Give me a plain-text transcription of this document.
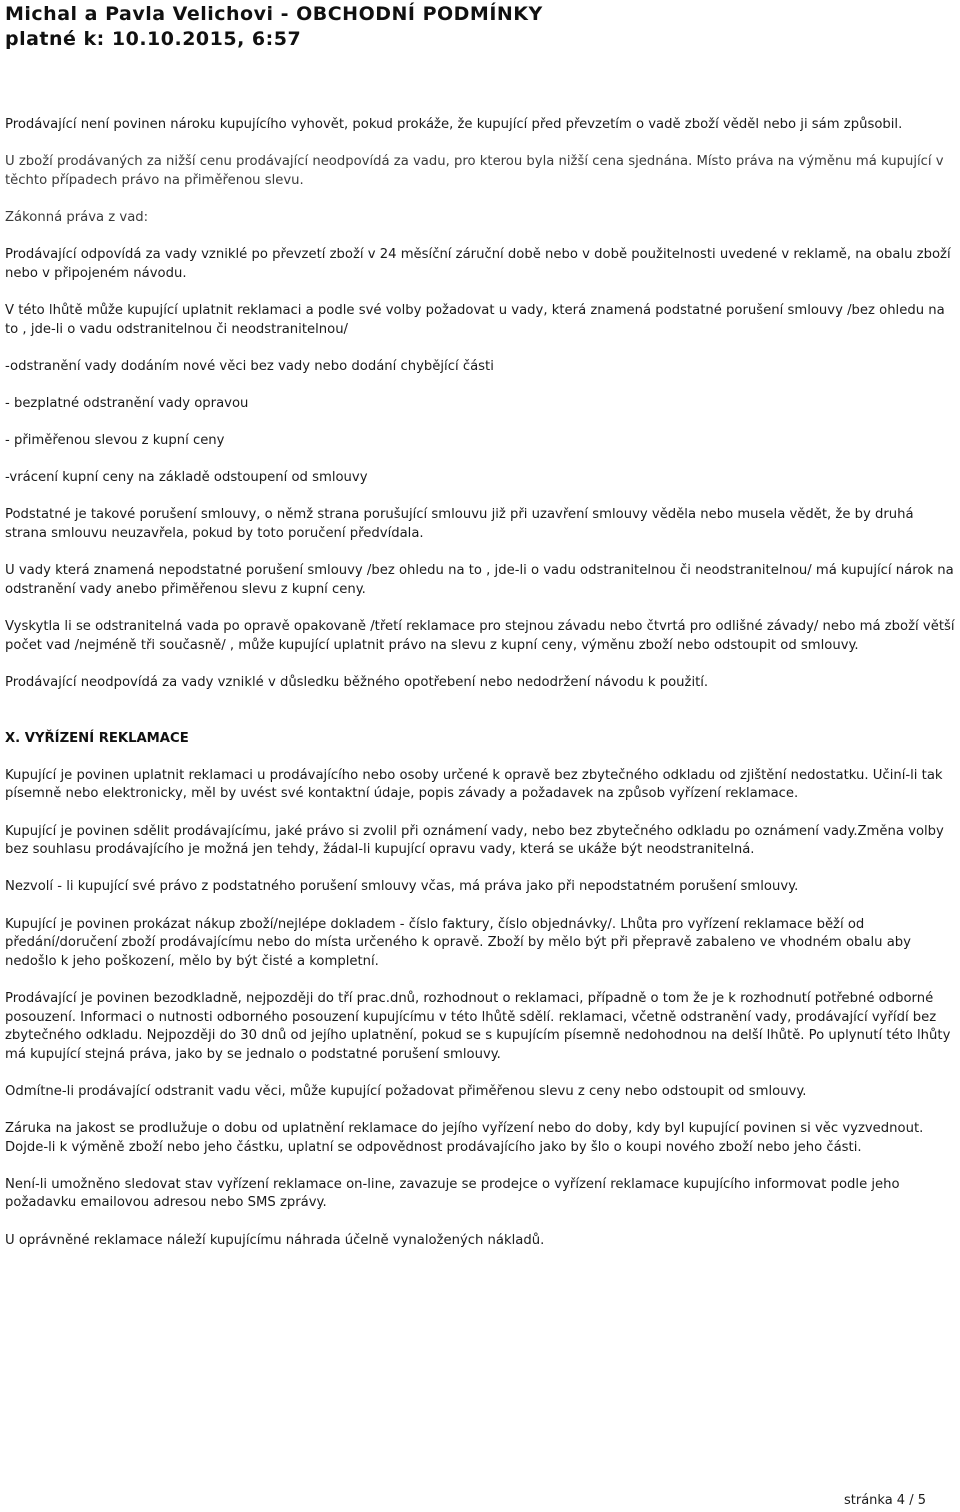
Michal a Pavla Velichovi - OBCHODNÍ PODMÍNKY
platné k: 10.10.2015, 6:57

Prodávající není povinen nároku kupujícího vyhovět, pokud prokáže, že kupující před převzetím o vadě zboží věděl nebo ji sám způsobil.

U zboží prodávaných za nižší cenu prodávající neodpovídá za vadu, pro kterou byla nižší cena sjednána. Místo práva na výměnu má kupující v těchto případech právo na přiměřenou slevu.

Zákonná práva z vad:

Prodávající odpovídá za vady vzniklé po převzetí zboží v 24 měsíční záruční době nebo v době použitelnosti uvedené v reklamě, na obalu zboží nebo v připojeném návodu.

V této lhůtě může kupující uplatnit reklamaci a podle své volby požadovat u vady, která znamená podstatné porušení smlouvy /bez ohledu na to , jde-li o vadu odstranitelnou či neodstranitelnou/

-odstranění vady dodáním nové věci bez vady nebo dodání chybějící části

- bezplatné odstranění vady opravou

- přiměřenou slevou z kupní ceny

-vrácení kupní ceny na základě odstoupení od smlouvy

Podstatné je takové porušení smlouvy, o němž strana porušující smlouvu již při uzavření smlouvy věděla nebo musela vědět, že by druhá strana smlouvu neuzavřela, pokud by toto poručení předvídala.

U vady která znamená nepodstatné porušení smlouvy /bez ohledu na to , jde-li o vadu odstranitelnou či neodstranitelnou/ má kupující nárok na odstranění vady anebo přiměřenou slevu z kupní ceny.

Vyskytla li se odstranitelná vada po opravě opakovaně /třetí reklamace pro stejnou závadu nebo čtvrtá pro odlišné závady/ nebo má zboží větší počet vad /nejméně tři současně/ , může kupující uplatnit právo na slevu z kupní ceny, výměnu zboží nebo odstoupit od smlouvy.

Prodávající neodpovídá za vady vzniklé v důsledku běžného opotřebení nebo nedodržení návodu k použití.

X. VYŘÍZENÍ REKLAMACE

Kupující je povinen uplatnit reklamaci u prodávajícího nebo osoby určené k opravě bez zbytečného odkladu od zjištění nedostatku. Učiní-li tak písemně nebo elektronicky, měl by uvést své kontaktní údaje, popis závady a požadavek na způsob vyřízení reklamace.

Kupující je povinen sdělit prodávajícímu, jaké právo si zvolil při oznámení vady, nebo bez zbytečného odkladu po oznámení vady.Změna volby bez souhlasu prodávajícího je možná jen tehdy, žádal-li kupující opravu vady, která se ukáže být neodstranitelná.

Nezvolí - li kupující své právo z podstatného porušení smlouvy včas, má práva jako při nepodstatném porušení smlouvy.

Kupující je povinen prokázat nákup zboží/nejlépe dokladem - číslo faktury, číslo objednávky/. Lhůta pro vyřízení reklamace běží od předání/doručení zboží prodávajícímu nebo do místa určeného k opravě. Zboží by mělo být při přepravě zabaleno ve vhodném obalu aby nedošlo k jeho poškození, mělo by být čisté a kompletní.

Prodávající je povinen bezodkladně, nejpozději do tří prac.dnů, rozhodnout o reklamaci, případně o tom že je k rozhodnutí potřebné odborné posouzení. Informaci o nutnosti odborného posouzení kupujícímu v této lhůtě sdělí. reklamaci, včetně odstranění vady, prodávající vyřídí bez zbytečného odkladu. Nejpozději do 30 dnů od jejího uplatnění, pokud se s kupujícím písemně nedohodnou na delší lhůtě. Po uplynutí této lhůty má kupující stejná práva, jako by se jednalo o podstatné porušení smlouvy.

Odmítne-li prodávající odstranit vadu věci, může kupující požadovat přiměřenou slevu z ceny nebo odstoupit od smlouvy.

Záruka na jakost se prodlužuje o dobu od uplatnění reklamace do jejího vyřízení nebo do doby, kdy byl kupující povinen si věc vyzvednout. Dojde-li k výměně zboží nebo jeho částku, uplatní se odpovědnost prodávajícího jako by šlo o koupi nového zboží nebo jeho části.

Není-li umožněno sledovat stav vyřízení reklamace on-line, zavazuje se prodejce o vyřízení reklamace kupujícího informovat podle jeho požadavku emailovou adresou nebo SMS zprávy.

U oprávněné reklamace náleží kupujícímu náhrada účelně vynaložených nákladů.

stránka 4 / 5
